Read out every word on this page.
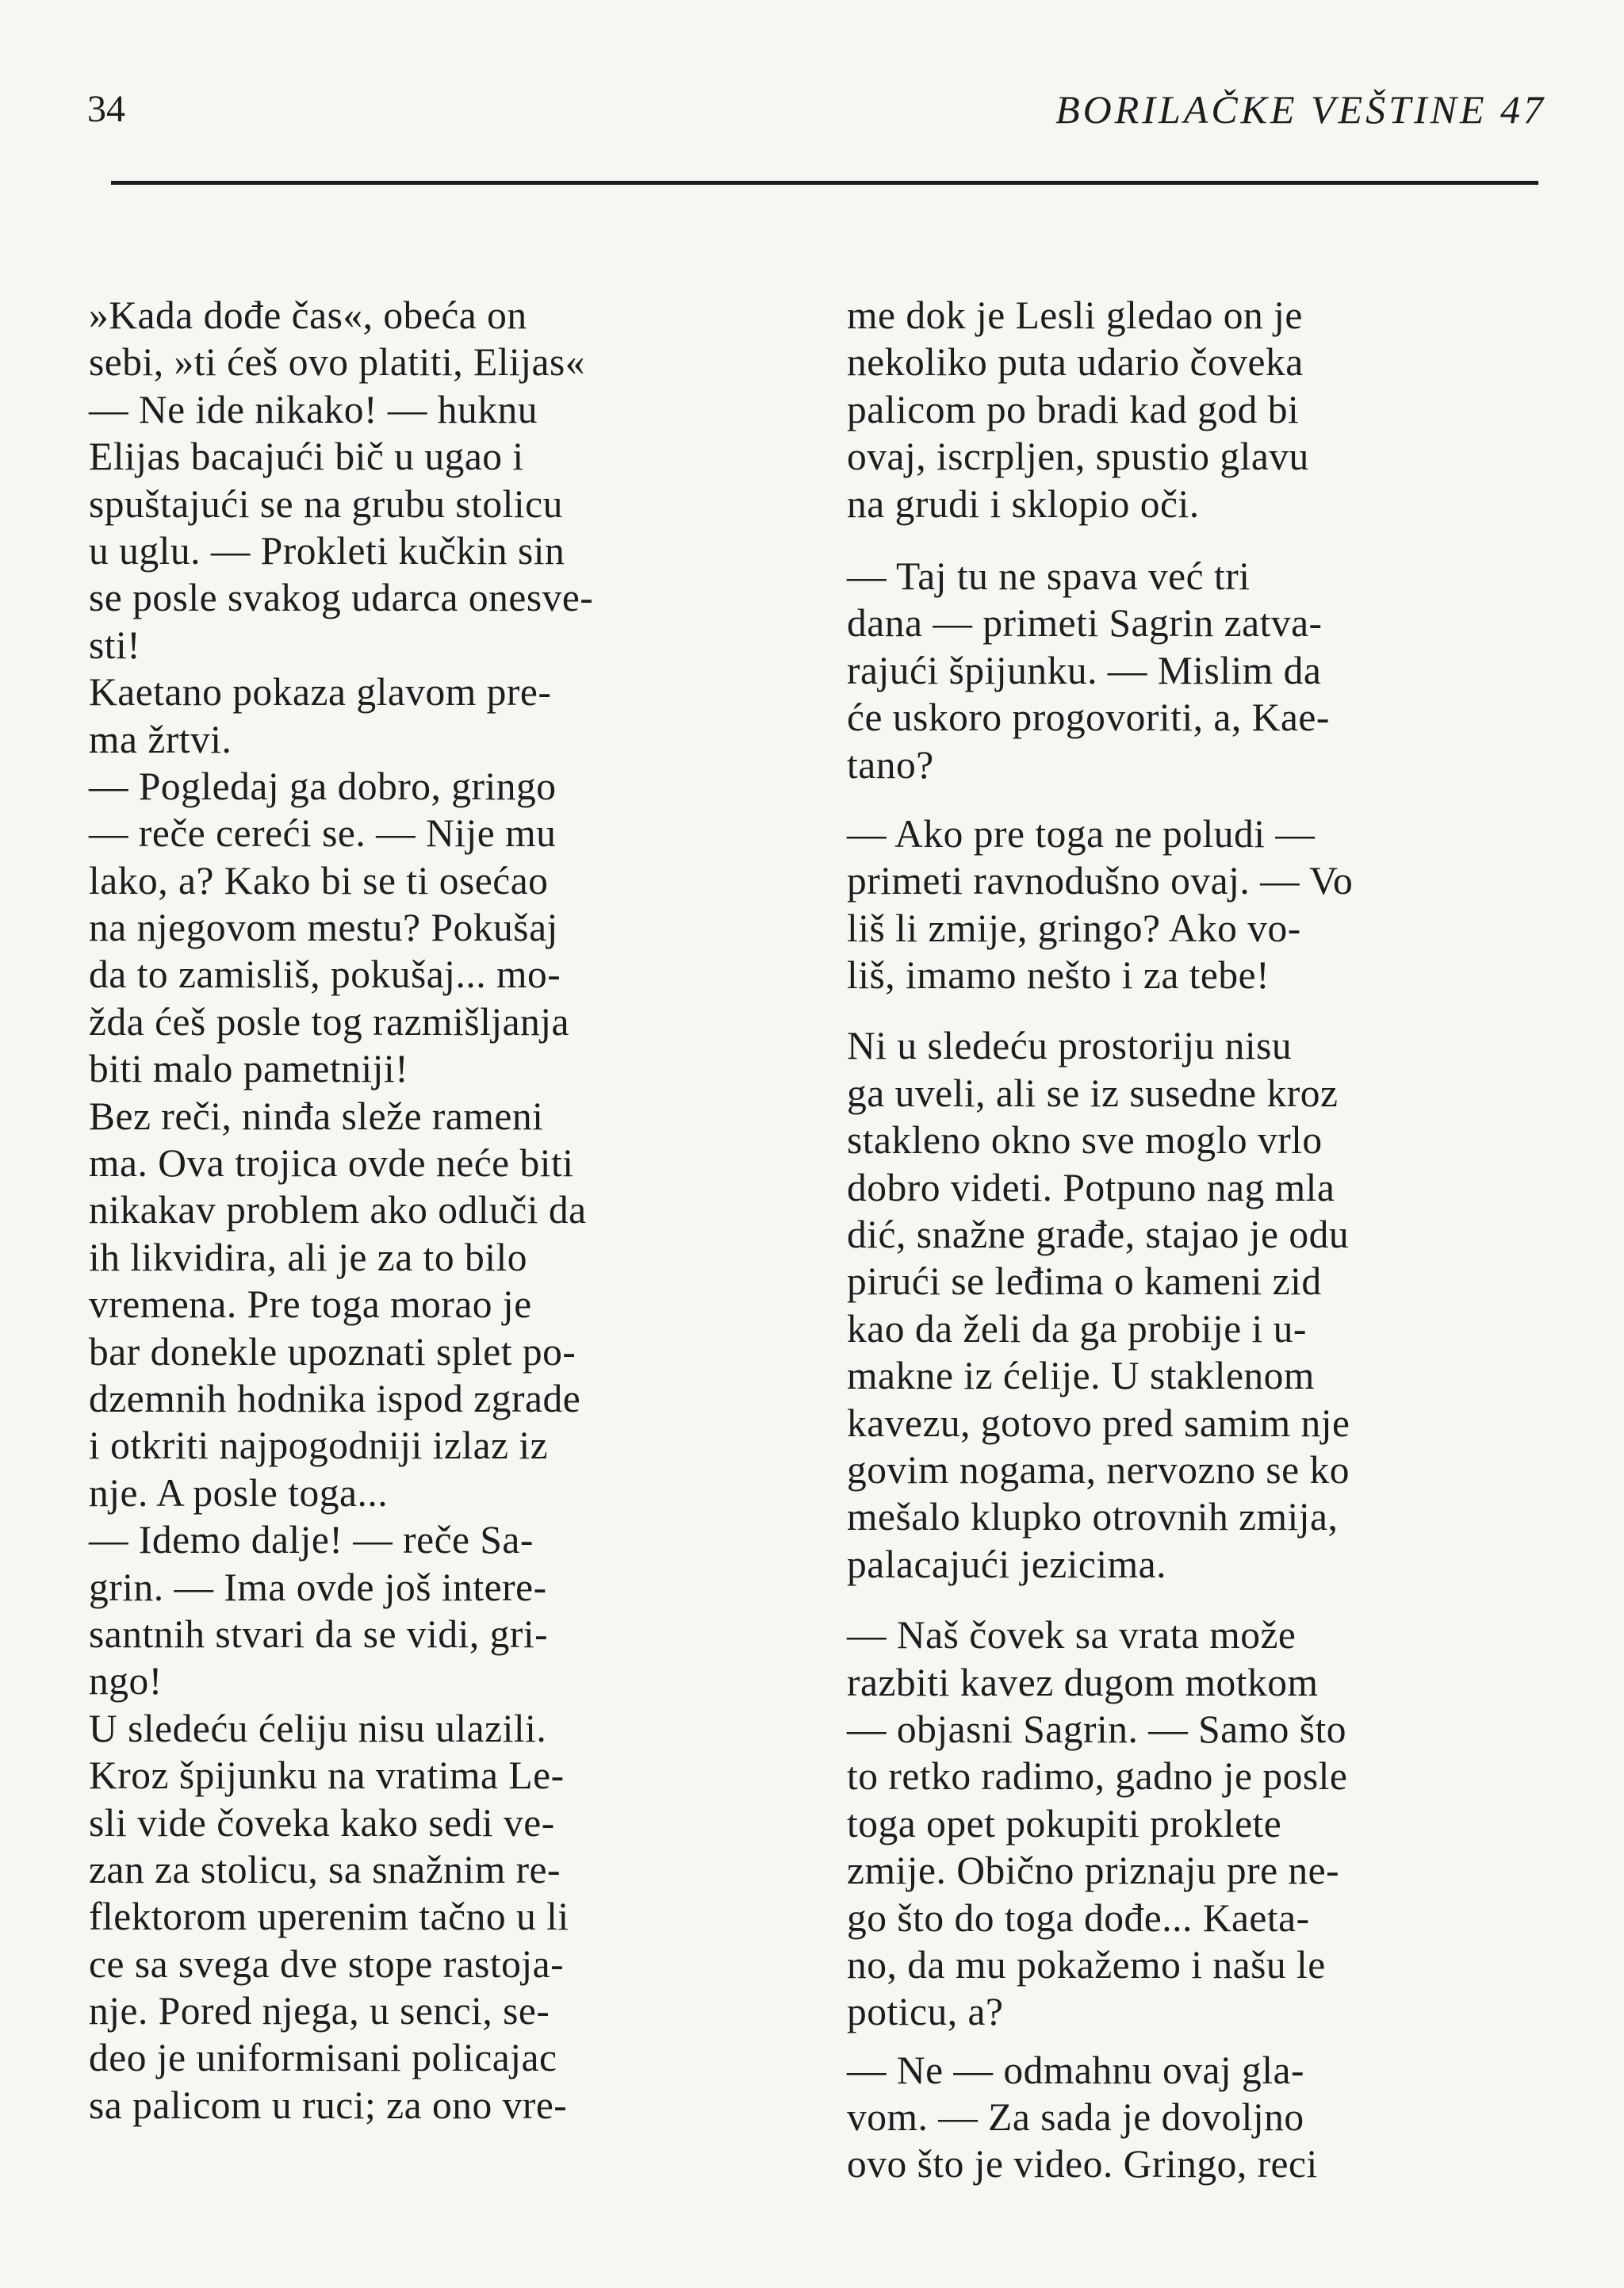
34	BORILAČKE VEŠTINE 47
»Kada dođe čas«, obeća on
sebi, »ti ćeš ovo platiti, Elijas«
— Ne ide nikako! — huknu
Elijas bacajući bič u ugao i
spuštajući se na grubu stolicu
u uglu. — Prokleti kučkin sin
se posle svakog udarca onesve-
sti!
Kaetano pokaza glavom pre-
ma žrtvi.
— Pogledaj ga dobro, gringo
— reče cereći se. — Nije mu
lako, a? Kako bi se ti osećao
na njegovom mestu? Pokušaj
da to zamisliš, pokušaj... mo-
žda ćeš posle tog razmišljanja
biti malo pametniji!
Bez reči, ninđa sleže rameni
ma. Ova trojica ovde neće biti
nikakav problem ako odluči da
ih likvidira, ali je za to bilo
vremena. Pre toga morao je
bar donekle upoznati splet po-
dzemnih hodnika ispod zgrade
i otkriti najpogodniji izlaz iz
nje. A posle toga...
— Idemo dalje! — reče Sa-
grin. — Ima ovde još intere-
santnih stvari da se vidi, gri-
ngo!
U sledeću ćeliju nisu ulazili.
Kroz špijunku na vratima Le-
sli vide čoveka kako sedi ve-
zan za stolicu, sa snažnim re-
flektorom uperenim tačno u li
ce sa svega dve stope rastoja-
nje. Pored njega, u senci, se-
deo je uniformisani policajac
sa palicom u ruci; za ono vre-
me dok je Lesli gledao on je
nekoliko puta udario čoveka
palicom po bradi kad god bi
ovaj, iscrpljen, spustio glavu
na grudi i sklopio oči.
— Taj tu ne spava već tri
dana — primeti Sagrin zatva-
rajući špijunku. — Mislim da
će uskoro progovoriti, a, Kae-
tano?
— Ako pre toga ne poludi —
primeti ravnodušno ovaj. — Vo
liš li zmije, gringo? Ako vo-
liš, imamo nešto i za tebe!
Ni u sledeću prostoriju nisu
ga uveli, ali se iz susedne kroz
stakleno okno sve moglo vrlo
dobro videti. Potpuno nag mla
dić, snažne građe, stajao je odu
pirući se leđima o kameni zid
kao da želi da ga probije i u-
makne iz ćelije. U staklenom
kavezu, gotovo pred samim nje
govim nogama, nervozno se ko
mešalo klupko otrovnih zmija,
palacajući jezicima.
— Naš čovek sa vrata može
razbiti kavez dugom motkom
— objasni Sagrin. — Samo što
to retko radimo, gadno je posle
toga opet pokupiti proklete
zmije. Obično priznaju pre ne-
go što do toga dođe... Kaeta-
no, da mu pokažemo i našu le
poticu, a?
— Ne — odmahnu ovaj gla-
vom. — Za sada je dovoljno
ovo što je video. Gringo, reci
